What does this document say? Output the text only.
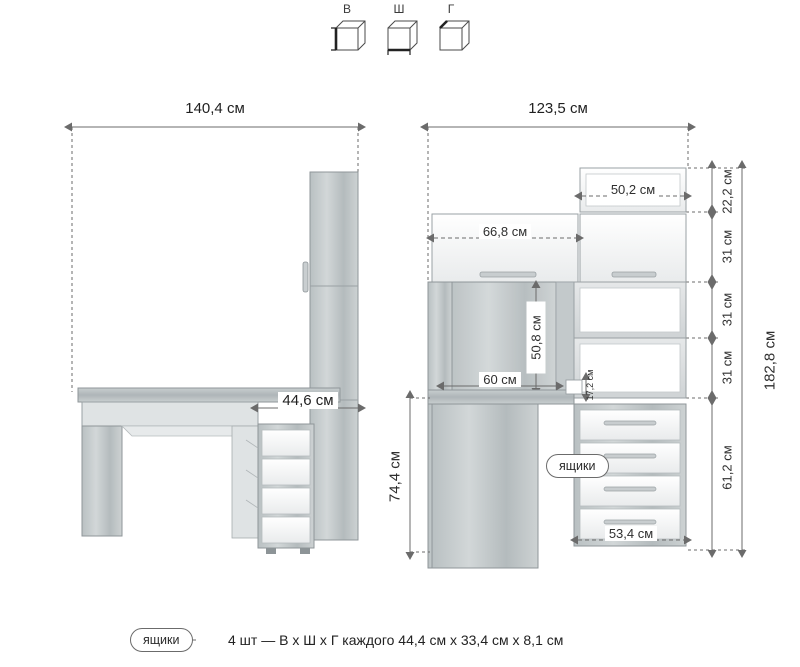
В	Ш	Г
140,4 см
44,6 см
123,5 см
50,2 см
66,8 см
60 см
53,4 см
50,8 см
17,2 см
74,4 см
182,8 см
22,2 см
31 см
31 см
31 см
61,2 см
ящики
ящики	4 шт — В х Ш х Г каждого 44,4 см х 33,4 см х 8,1 см
